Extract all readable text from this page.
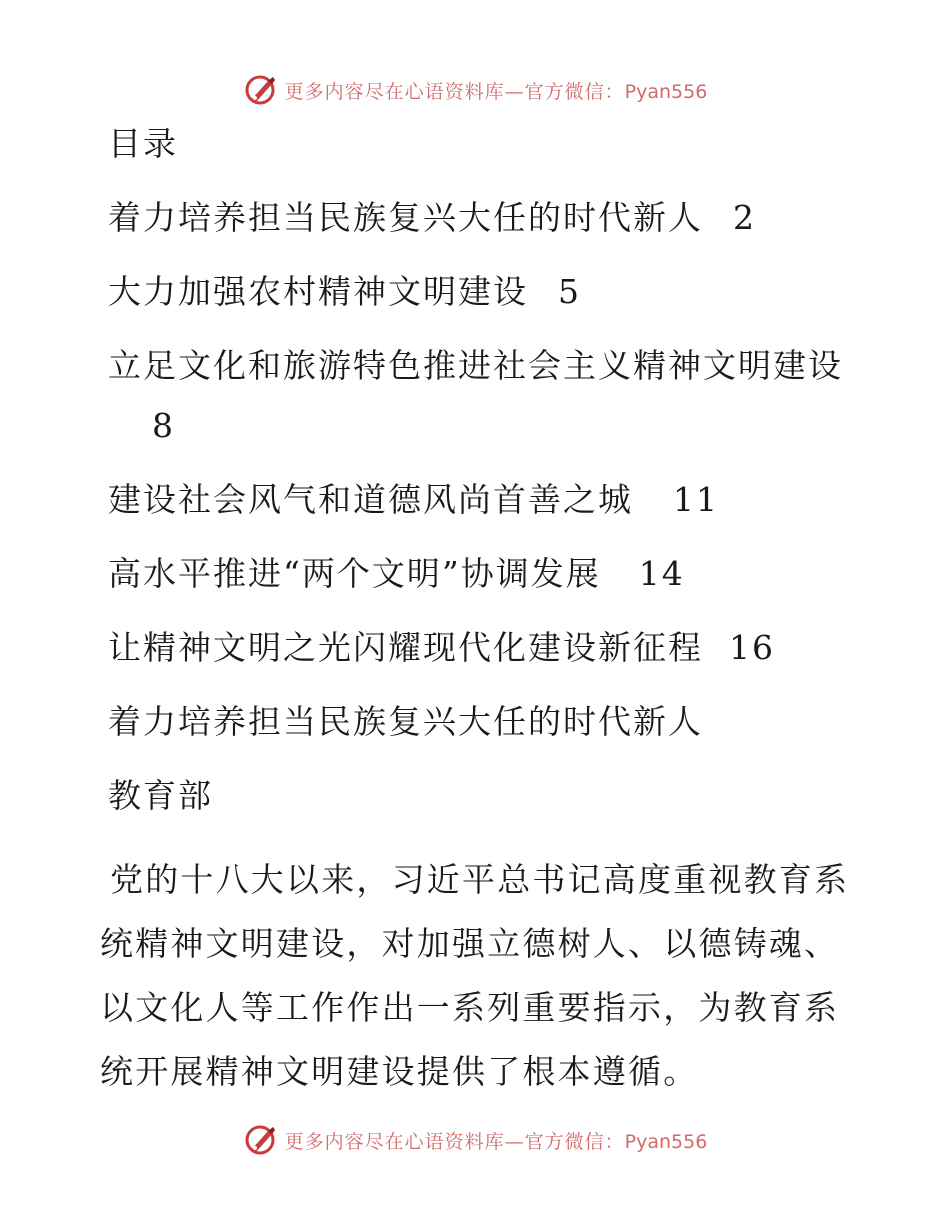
更多内容尽在心语资料库—官方微信：Pyan556
目录
着力培养担当民族复兴大任的时代新人 2
大力加强农村精神文明建设 5
立足文化和旅游特色推进社会主义精神文明建设
8
建设社会风气和道德风尚首善之城 11
高水平推进“两个文明”协调发展 14
让精神文明之光闪耀现代化建设新征程 16
着力培养担当民族复兴大任的时代新人
教育部
党的十八大以来，习近平总书记高度重视教育系统精神文明建设，对加强立德树人、以德铸魂、以文化人等工作作出一系列重要指示，为教育系统开展精神文明建设提供了根本遵循。
更多内容尽在心语资料库—官方微信：Pyan556
